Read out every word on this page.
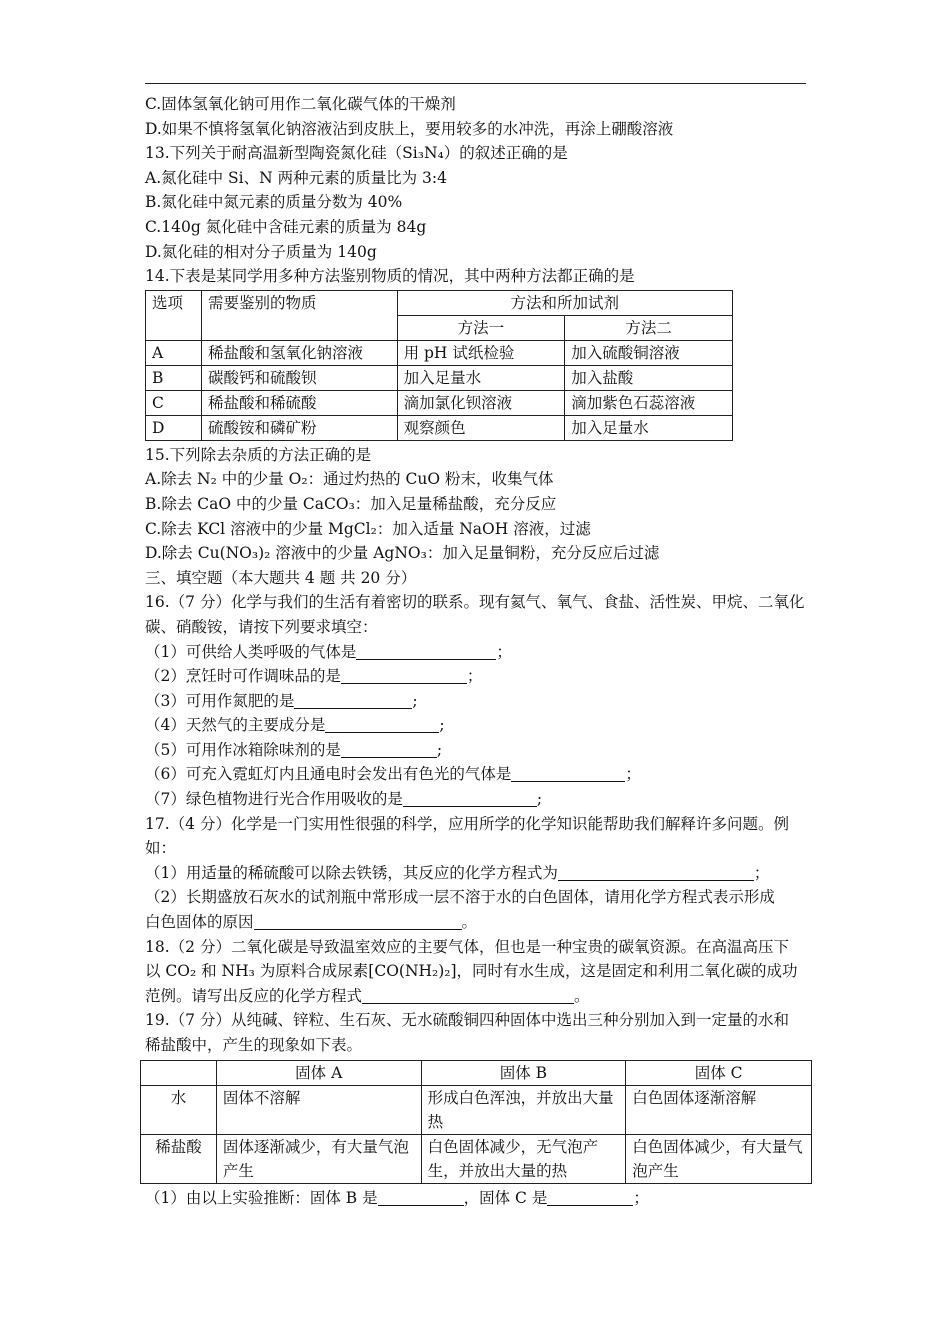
C.固体氢氧化钠可用作二氧化碳气体的干燥剂
D.如果不慎将氢氧化钠溶液沾到皮肤上，要用较多的水冲洗，再涂上硼酸溶液
13.下列关于耐高温新型陶瓷氮化硅（Si₃N₄）的叙述正确的是
A.氮化硅中 Si、N 两种元素的质量比为 3:4
B.氮化硅中氮元素的质量分数为 40%
C.140g 氮化硅中含硅元素的质量为 84g
D.氮化硅的相对分子质量为 140g
14.下表是某同学用多种方法鉴别物质的情况，其中两种方法都正确的是
选项	需要鉴别的物质	方法和所加试剂	
		方法一	方法二
A	稀盐酸和氢氧化钠溶液	用 pH 试纸检验	加入硫酸铜溶液
B	碳酸钙和硫酸钡	加入足量水	加入盐酸
C	稀盐酸和稀硫酸	滴加氯化钡溶液	滴加紫色石蕊溶液
D	硫酸铵和磷矿粉	观察颜色	加入足量水
15.下列除去杂质的方法正确的是
A.除去 N₂ 中的少量 O₂：通过灼热的 CuO 粉末，收集气体
B.除去 CaO 中的少量 CaCO₃：加入足量稀盐酸，充分反应
C.除去 KCl 溶液中的少量 MgCl₂：加入适量 NaOH 溶液，过滤
D.除去 Cu(NO₃)₂ 溶液中的少量 AgNO₃：加入足量铜粉，充分反应后过滤
三、填空题（本大题共 4 题 共 20 分）
16.（7 分）化学与我们的生活有着密切的联系。现有氦气、氧气、食盐、活性炭、甲烷、二氧化
碳、硝酸铵，请按下列要求填空：
（1）可供给人类呼吸的气体是	；
（2）烹饪时可作调味品的是	；
（3）可用作氮肥的是	;
（4）天然气的主要成分是	;
（5）可用作冰箱除味剂的是	;
（6）可充入霓虹灯内且通电时会发出有色光的气体是	；
（7）绿色植物进行光合作用吸收的是	;
17.（4 分）化学是一门实用性很强的科学，应用所学的化学知识能帮助我们解释许多问题。例
如：
（1）用适量的稀硫酸可以除去铁锈，其反应的化学方程式为	；
（2）长期盛放石灰水的试剂瓶中常形成一层不溶于水的白色固体，请用化学方程式表示形成
白色固体的原因	。
18.（2 分）二氧化碳是导致温室效应的主要气体，但也是一种宝贵的碳氧资源。在高温高压下
以 CO₂ 和 NH₃ 为原料合成尿素[CO(NH₂)₂]，同时有水生成，这是固定和利用二氧化碳的成功
范例。请写出反应的化学方程式	。
19.（7 分）从纯碱、锌粒、生石灰、无水硫酸铜四种固体中选出三种分别加入到一定量的水和
稀盐酸中，产生的现象如下表。
	固体 A	固体 B	固体 C
水	固体不溶解	形成白色浑浊，并放出大量热	白色固体逐渐溶解
稀盐酸	固体逐渐减少，有大量气泡产生	白色固体减少，无气泡产生，并放出大量的热	白色固体减少，有大量气泡产生
（1）由以上实验推断：固体 B 是	，固体 C 是	；
